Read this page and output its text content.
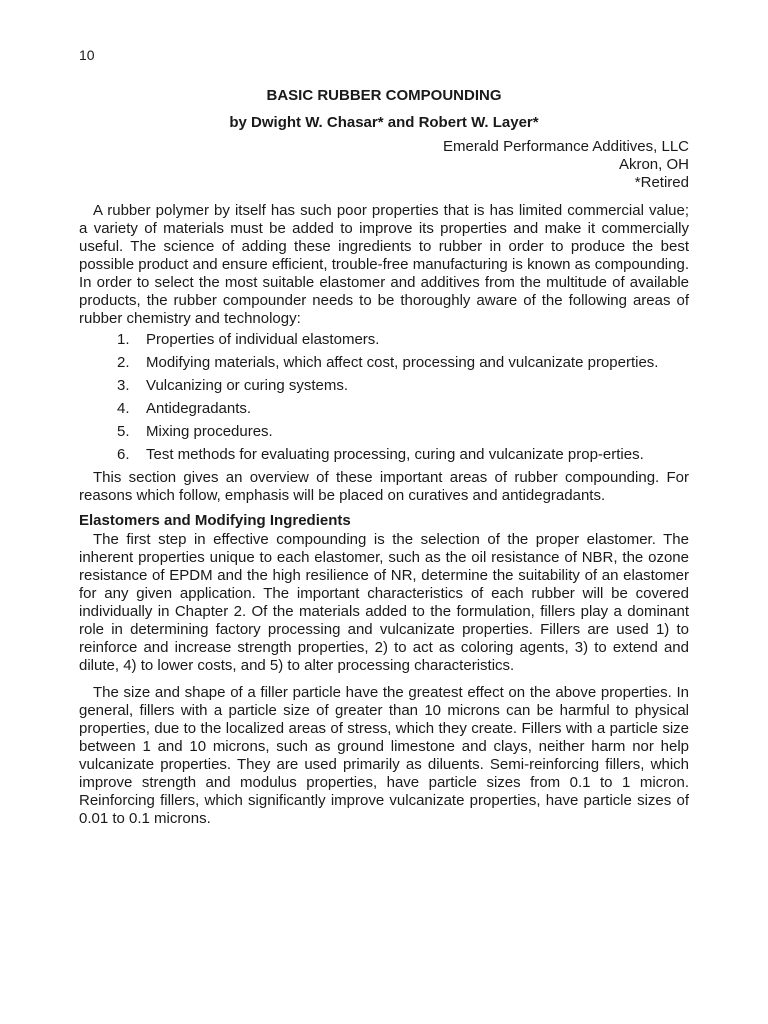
10
BASIC RUBBER COMPOUNDING
by Dwight W. Chasar* and Robert W. Layer*
Emerald Performance Additives, LLC
Akron, OH
*Retired

A rubber polymer by itself has such poor properties that is has limited commercial value; a variety of materials must be added to improve its properties and make it commercially useful. The science of adding these ingredients to rubber in order to produce the best possible product and ensure efficient, trouble-free manufacturing is known as compounding. In order to select the most suitable elastomer and additives from the multitude of available products, the rubber compounder needs to be thoroughly aware of the following areas of rubber chemistry and technology:

1.	Properties of individual elastomers.
2.	Modifying materials, which affect cost, processing and vulcanizate properties.
3.	Vulcanizing or curing systems.
4.	Antidegradants.
5.	Mixing procedures.
6.	Test methods for evaluating processing, curing and vulcanizate prop-erties.

This section gives an overview of these important areas of rubber compounding. For reasons which follow, emphasis will be placed on curatives and antidegradants.

Elastomers and Modifying Ingredients

The first step in effective compounding is the selection of the proper elastomer. The inherent properties unique to each elastomer, such as the oil resistance of NBR, the ozone resistance of EPDM and the high resilience of NR, determine the suitability of an elastomer for any given application. The important characteristics of each rubber will be covered individually in Chapter 2. Of the materials added to the formulation, fillers play a dominant role in determining factory processing and vulcanizate properties. Fillers are used 1) to reinforce and increase strength properties, 2) to act as coloring agents, 3) to extend and dilute, 4) to lower costs, and 5) to alter processing characteristics.

The size and shape of a filler particle have the greatest effect on the above properties. In general, fillers with a particle size of greater than 10 microns can be harmful to physical properties, due to the localized areas of stress, which they create. Fillers with a particle size between 1 and 10 microns, such as ground limestone and clays, neither harm nor help vulcanizate properties. They are used primarily as diluents. Semi-reinforcing fillers, which improve strength and modulus properties, have particle sizes from 0.1 to 1 micron. Reinforcing fillers, which significantly improve vulcanizate properties, have particle sizes of 0.01 to 0.1 microns.
